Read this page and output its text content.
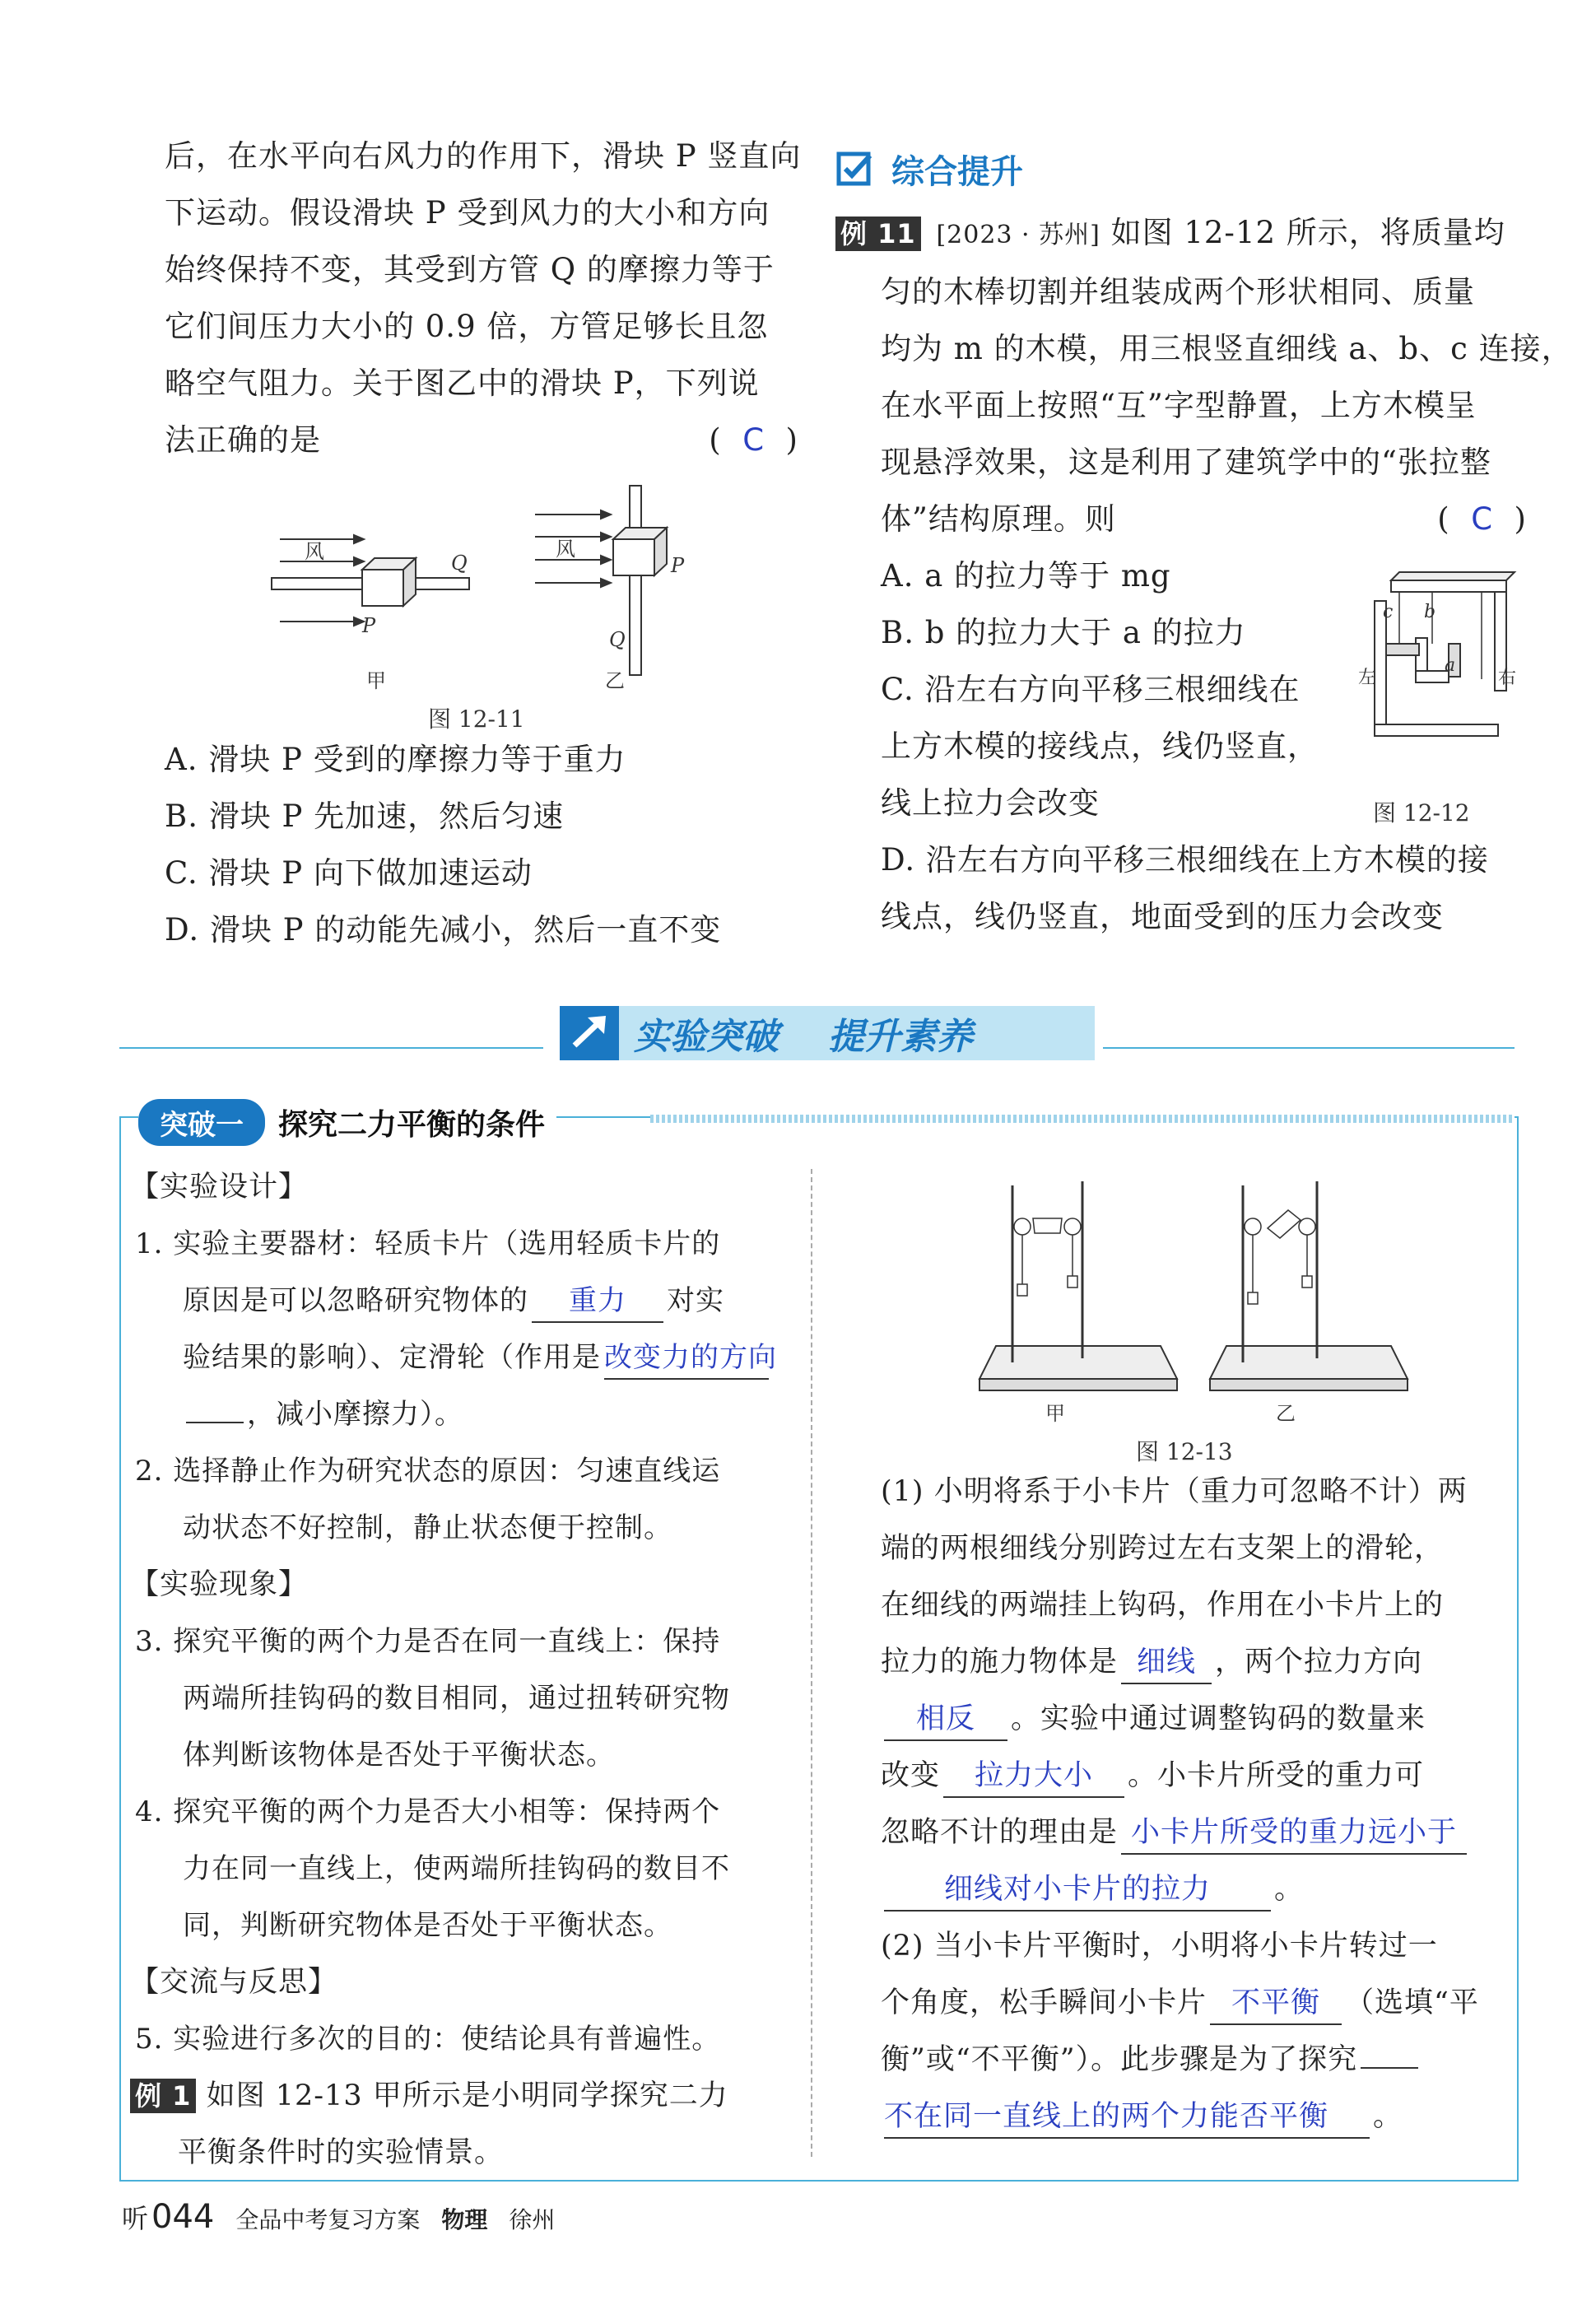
后，在水平向右风力的作用下，滑块 P 竖直向
下运动。假设滑块 P 受到风力的大小和方向
始终保持不变，其受到方管 Q 的摩擦力等于
它们间压力大小的 0.9 倍，方管足够长且忽
略空气阻力。关于图乙中的滑块 P，下列说
法正确的是	(  C  )
风	Q
P
甲
风
P
Q
乙
图 12-11
A. 滑块 P 受到的摩擦力等于重力
B. 滑块 P 先加速，然后匀速
C. 滑块 P 向下做加速运动
D. 滑块 P 的动能先减小，然后一直不变
综合提升
例 11 [2023 · 苏州] 如图 12-12 所示，将质量均
匀的木棒切割并组装成两个形状相同、质量
均为 m 的木模，用三根竖直细线 a、b、c 连接，
在水平面上按照“互”字型静置，上方木模呈
现悬浮效果，这是利用了建筑学中的“张拉整
体”结构原理。则	(  C  )
A. a 的拉力等于 mg
B. b 的拉力大于 a 的拉力
C. 沿左右方向平移三根细线在
上方木模的接线点，线仍竖直，
线上拉力会改变
D. 沿左右方向平移三根细线在上方木模的接
线点，线仍竖直，地面受到的压力会改变
c b
a
左	右
图 12-12
实验突破 提升素养
突破一	探究二力平衡的条件
【实验设计】
1. 实验主要器材：轻质卡片（选用轻质卡片的
原因是可以忽略研究物体的 重力 对实
验结果的影响）、定滑轮（作用是 改变力的方向
，减小摩擦力）。
2. 选择静止作为研究状态的原因：匀速直线运
动状态不好控制，静止状态便于控制。
【实验现象】
3. 探究平衡的两个力是否在同一直线上：保持
两端所挂钩码的数目相同，通过扭转研究物
体判断该物体是否处于平衡状态。
4. 探究平衡的两个力是否大小相等：保持两个
力在同一直线上，使两端所挂钩码的数目不
同，判断研究物体是否处于平衡状态。
【交流与反思】
5. 实验进行多次的目的：使结论具有普遍性。
例 1 如图 12-13 甲所示是小明同学探究二力
平衡条件时的实验情景。
甲	乙
图 12-13
(1) 小明将系于小卡片（重力可忽略不计）两
端的两根细线分别跨过左右支架上的滑轮，
在细线的两端挂上钩码，作用在小卡片上的
拉力的施力物体是 细线 ，两个拉力方向
相反 。实验中通过调整钩码的数量来
改变 拉力大小 。小卡片所受的重力可
忽略不计的理由是 小卡片所受的重力远小于
细线对小卡片的拉力 。
(2) 当小卡片平衡时，小明将小卡片转过一
个角度，松手瞬间小卡片 不平衡 （选填“平
衡”或“不平衡”）。此步骤是为了探究
不在同一直线上的两个力能否平衡 。
听 044 全品中考复习方案 物理 徐州
